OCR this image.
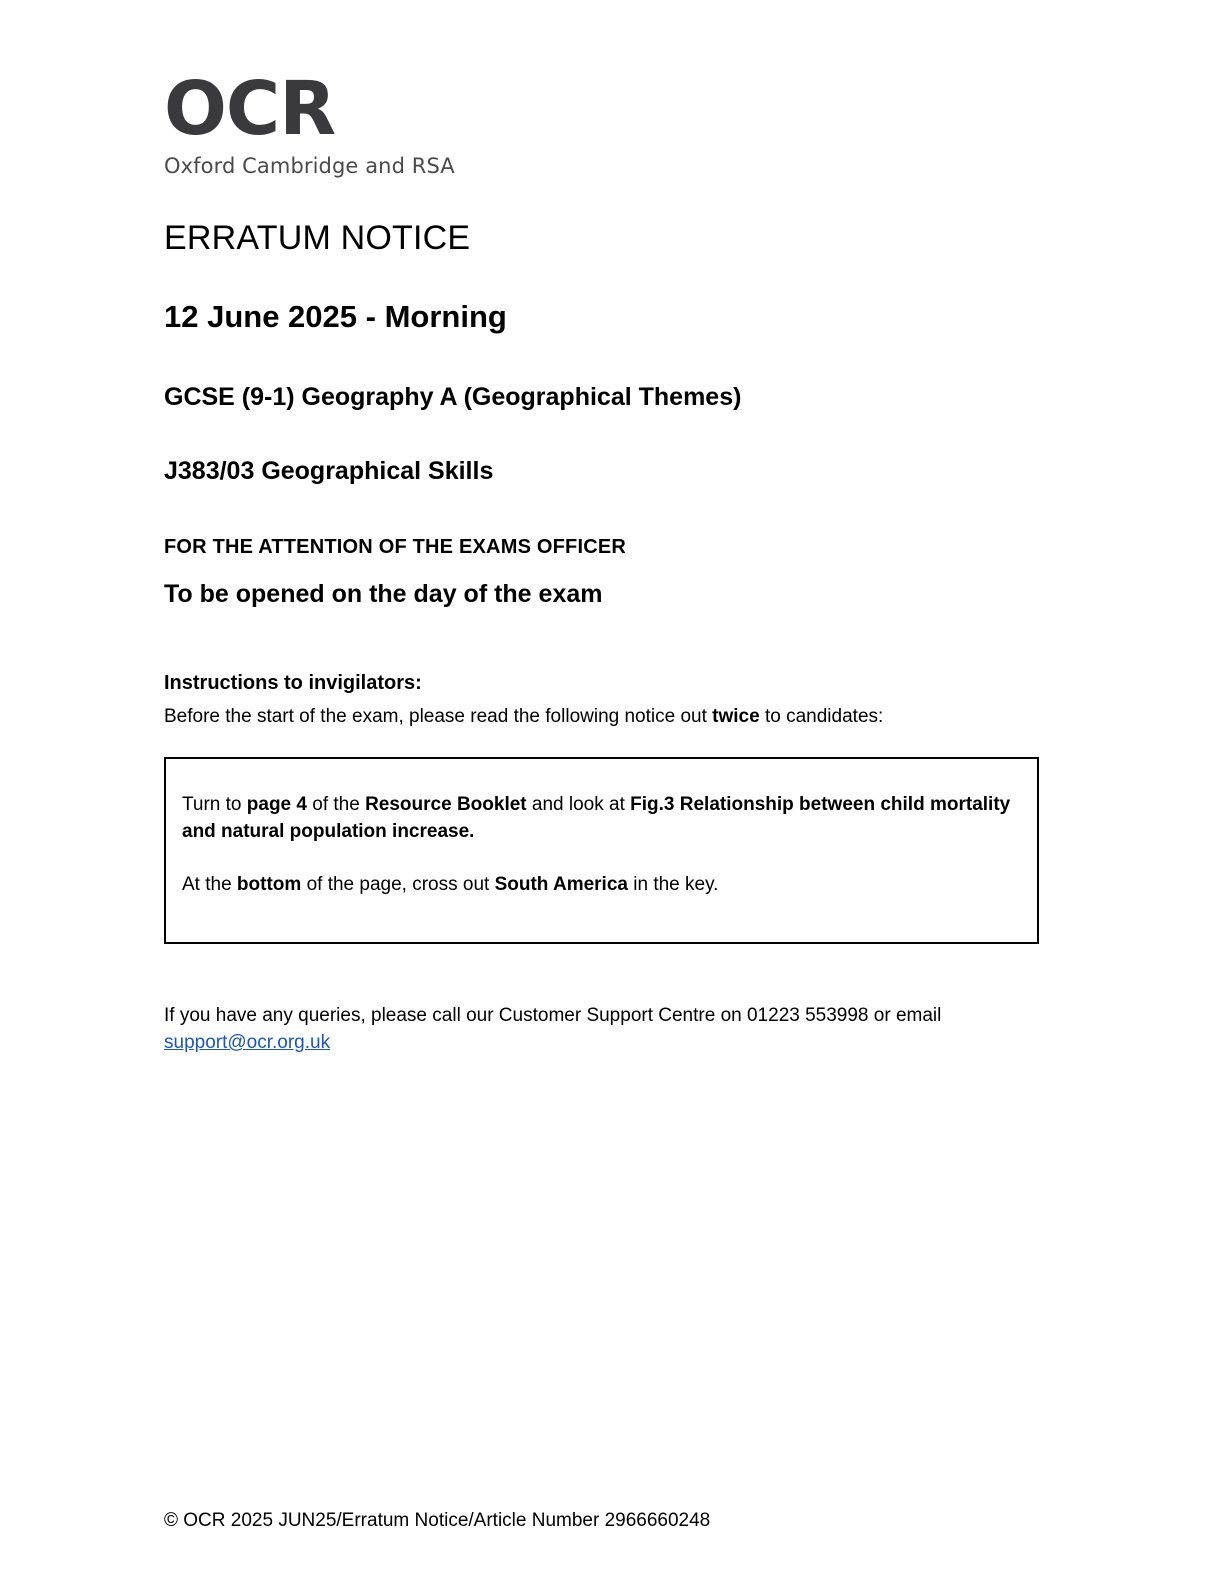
OCR
Oxford Cambridge and RSA
ERRATUM NOTICE
12 June 2025 - Morning
GCSE (9-1) Geography A (Geographical Themes)
J383/03 Geographical Skills
FOR THE ATTENTION OF THE EXAMS OFFICER
To be opened on the day of the exam
Instructions to invigilators:
Before the start of the exam, please read the following notice out twice to candidates:

Turn to page 4 of the Resource Booklet and look at Fig.3 Relationship between child mortality and natural population increase.

At the bottom of the page, cross out South America in the key.

If you have any queries, please call our Customer Support Centre on 01223 553998 or email support@ocr.org.uk
© OCR 2025 JUN25/Erratum Notice/Article Number 2966660248
